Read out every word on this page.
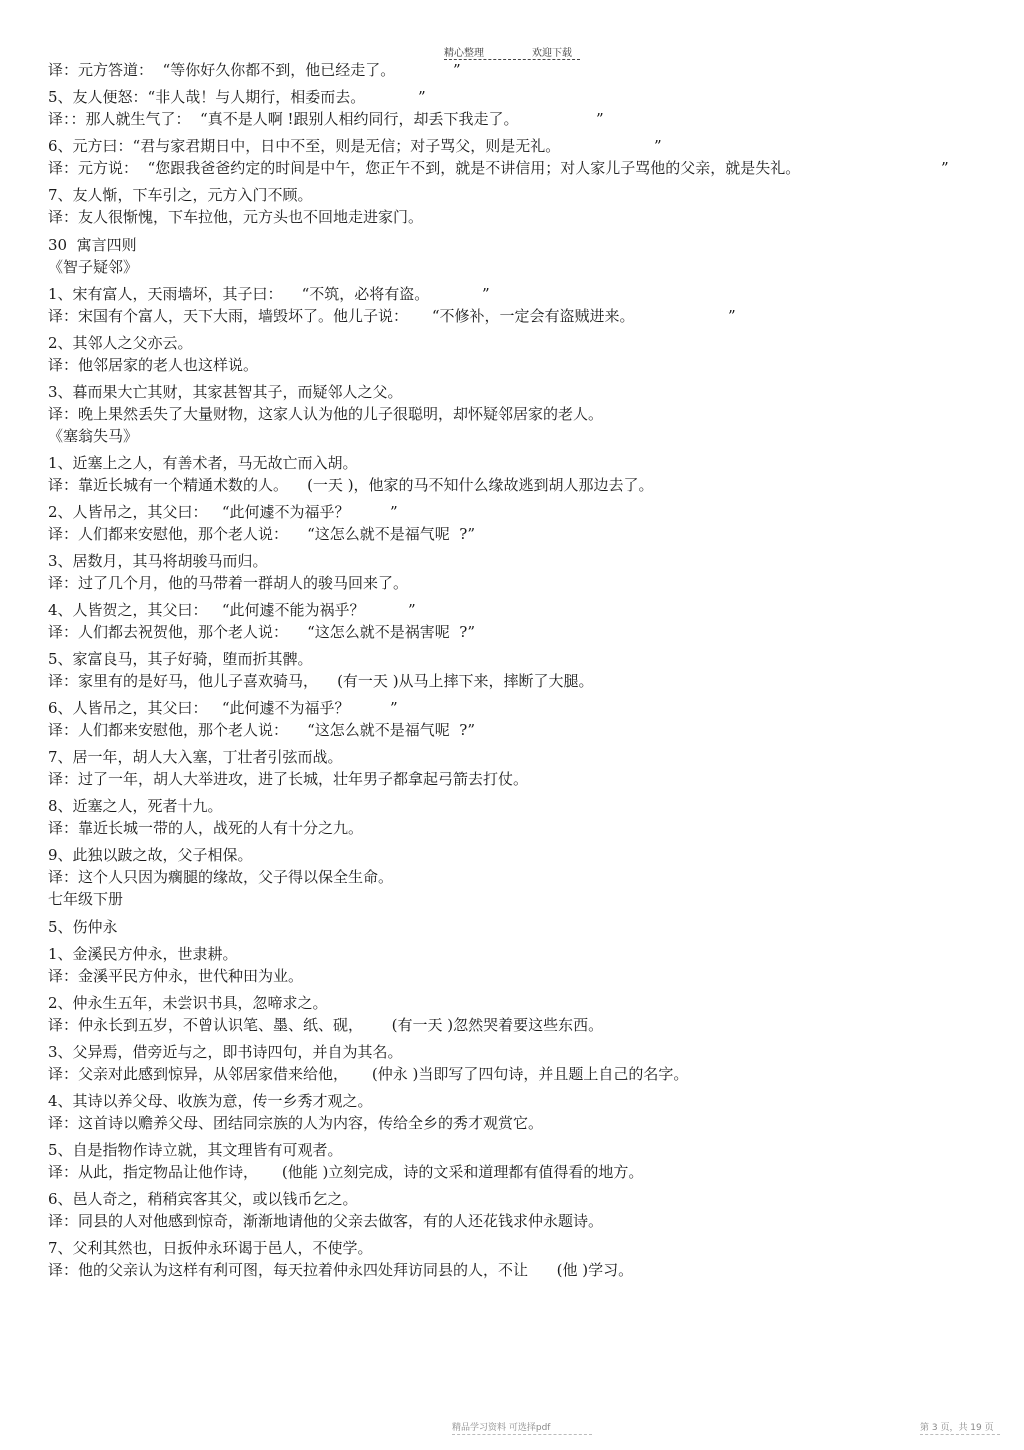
精心整理	欢迎下载
译：元方答道：  “等你好久你都不到，他已经走了。	”
5、友人便怒：“非人哉！与人期行，相委而去。	”
译：：那人就生气了：  “真不是人啊 !跟别人相约同行，却丢下我走了。	”
6、元方曰：“君与家君期日中，日中不至，则是无信；对子骂父，则是无礼。	”
译：元方说：  “您跟我爸爸约定的时间是中午，您正午不到，就是不讲信用；对人家儿子骂他的父亲，就是失礼。	”
7、友人惭，下车引之，元方入门不顾。
译：友人很惭愧，下车拉他，元方头也不回地走进家门。
30  寓言四则
《智子疑邻》
1、宋有富人，天雨墙坏，其子曰：    “不筑，必将有盗。	”
译：宋国有个富人，天下大雨，墙毁坏了。他儿子说：     “不修补，一定会有盗贼进来。	”
2、其邻人之父亦云。
译：他邻居家的老人也这样说。
3、暮而果大亡其财，其家甚智其子，而疑邻人之父。
译：晚上果然丢失了大量财物，这家人认为他的儿子很聪明，却怀疑邻居家的老人。
《塞翁失马》
1、近塞上之人，有善术者，马无故亡而入胡。
译：靠近长城有一个精通术数的人。    (一天 )，他家的马不知什么缘故逃到胡人那边去了。
2、人皆吊之，其父曰：   “此何遽不为福乎？	”
译：人们都来安慰他，那个老人说：    “这怎么就不是福气呢  ?”
3、居数月，其马将胡骏马而归。
译：过了几个月，他的马带着一群胡人的骏马回来了。
4、人皆贺之，其父曰：   “此何遽不能为祸乎？	”
译：人们都去祝贺他，那个老人说：    “这怎么就不是祸害呢  ?”
5、家富良马，其子好骑，堕而折其髀。
译：家里有的是好马，他儿子喜欢骑马，    (有一天 )从马上摔下来，摔断了大腿。
6、人皆吊之，其父曰：   “此何遽不为福乎？	”
译：人们都来安慰他，那个老人说：    “这怎么就不是福气呢  ?”
7、居一年，胡人大入塞，丁壮者引弦而战。
译：过了一年，胡人大举进攻，进了长城，壮年男子都拿起弓箭去打仗。
8、近塞之人，死者十九。
译：靠近长城一带的人，战死的人有十分之九。
9、此独以跛之故，父子相保。
译：这个人只因为瘸腿的缘故，父子得以保全生命。
七年级下册
5、伤仲永
1、金溪民方仲永，世隶耕。
译：金溪平民方仲永，世代种田为业。
2、仲永生五年，未尝识书具，忽啼求之。
译：仲永长到五岁，不曾认识笔、墨、纸、砚，      (有一天 )忽然哭着要这些东西。
3、父异焉，借旁近与之，即书诗四句，并自为其名。
译：父亲对此感到惊异，从邻居家借来给他，     (仲永 )当即写了四句诗，并且题上自己的名字。
4、其诗以养父母、收族为意，传一乡秀才观之。
译：这首诗以赡养父母、团结同宗族的人为内容，传给全乡的秀才观赏它。
5、自是指物作诗立就，其文理皆有可观者。
译：从此，指定物品让他作诗，     (他能 )立刻完成，诗的文采和道理都有值得看的地方。
6、邑人奇之，稍稍宾客其父，或以钱币乞之。
译：同县的人对他感到惊奇，渐渐地请他的父亲去做客，有的人还花钱求仲永题诗。
7、父利其然也，日扳仲永环谒于邑人，不使学。
译：他的父亲认为这样有利可图，每天拉着仲永四处拜访同县的人，不让      (他 )学习。
精品学习资料 可选择pdf	第 3 页，共 19 页
